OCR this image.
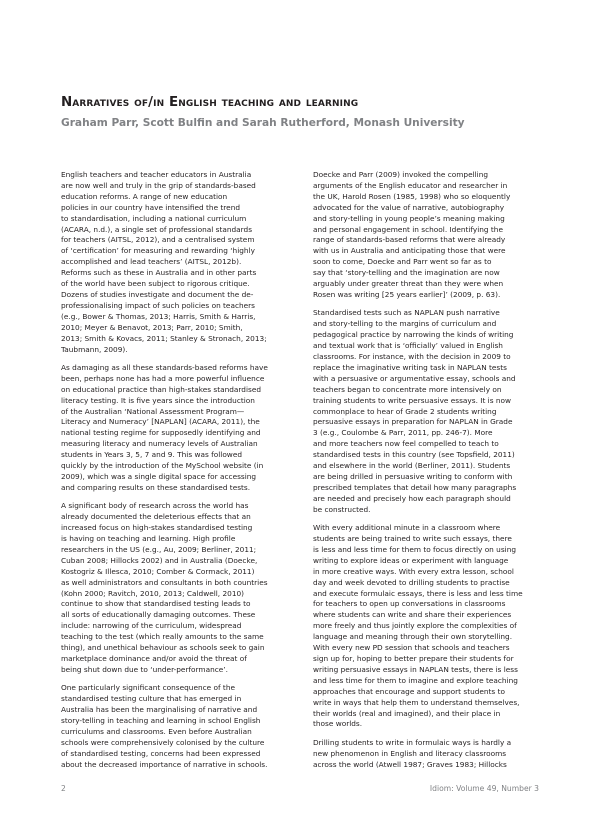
Narratives of/in English teaching and learning
Graham Parr, Scott Bulfin and Sarah Rutherford, Monash University

English teachers and teacher educators in Australia
are now well and truly in the grip of standards-based
education reforms. A range of new education
policies in our country have intensified the trend
to standardisation, including a national curriculum
(ACARA, n.d.), a single set of professional standards
for teachers (AITSL, 2012), and a centralised system
of ‘certification’ for measuring and rewarding ‘highly
accomplished and lead teachers’ (AITSL, 2012b).
Reforms such as these in Australia and in other parts
of the world have been subject to rigorous critique.
Dozens of studies investigate and document the de-
professionalising impact of such policies on teachers
(e.g., Bower & Thomas, 2013; Harris, Smith & Harris,
2010; Meyer & Benavot, 2013; Parr, 2010; Smith,
2013; Smith & Kovacs, 2011; Stanley & Stronach, 2013;
Taubmann, 2009).

As damaging as all these standards-based reforms have
been, perhaps none has had a more powerful influence
on educational practice than high-stakes standardised
literacy testing. It is five years since the introduction
of the Australian ‘National Assessment Program—
Literacy and Numeracy’ [NAPLAN] (ACARA, 2011), the
national testing regime for supposedly identifying and
measuring literacy and numeracy levels of Australian
students in Years 3, 5, 7 and 9. This was followed
quickly by the introduction of the MySchool website (in
2009), which was a single digital space for accessing
and comparing results on these standardised tests.

A significant body of research across the world has
already documented the deleterious effects that an
increased focus on high-stakes standardised testing
is having on teaching and learning. High profile
researchers in the US (e.g., Au, 2009; Berliner, 2011;
Cuban 2008; Hillocks 2002) and in Australia (Doecke,
Kostogriz & Illesca, 2010; Comber & Cormack, 2011)
as well administrators and consultants in both countries
(Kohn 2000; Ravitch, 2010, 2013; Caldwell, 2010)
continue to show that standardised testing leads to
all sorts of educationally damaging outcomes. These
include: narrowing of the curriculum, widespread
teaching to the test (which really amounts to the same
thing), and unethical behaviour as schools seek to gain
marketplace dominance and/or avoid the threat of
being shut down due to ‘under-performance’.

One particularly significant consequence of the
standardised testing culture that has emerged in
Australia has been the marginalising of narrative and
story-telling in teaching and learning in school English
curriculums and classrooms. Even before Australian
schools were comprehensively colonised by the culture
of standardised testing, concerns had been expressed
about the decreased importance of narrative in schools.

Doecke and Parr (2009) invoked the compelling
arguments of the English educator and researcher in
the UK, Harold Rosen (1985, 1998) who so eloquently
advocated for the value of narrative, autobiography
and story-telling in young people’s meaning making
and personal engagement in school. Identifying the
range of standards-based reforms that were already
with us in Australia and anticipating those that were
soon to come, Doecke and Parr went so far as to
say that ‘story-telling and the imagination are now
arguably under greater threat than they were when
Rosen was writing [25 years earlier]’ (2009, p. 63).

Standardised tests such as NAPLAN push narrative
and story-telling to the margins of curriculum and
pedagogical practice by narrowing the kinds of writing
and textual work that is ‘officially’ valued in English
classrooms. For instance, with the decision in 2009 to
replace the imaginative writing task in NAPLAN tests
with a persuasive or argumentative essay, schools and
teachers began to concentrate more intensively on
training students to write persuasive essays. It is now
commonplace to hear of Grade 2 students writing
persuasive essays in preparation for NAPLAN in Grade
3 (e.g., Coulombe & Parr, 2011, pp. 246-7). More
and more teachers now feel compelled to teach to
standardised tests in this country (see Topsfield, 2011)
and elsewhere in the world (Berliner, 2011). Students
are being drilled in persuasive writing to conform with
prescribed templates that detail how many paragraphs
are needed and precisely how each paragraph should
be constructed.

With every additional minute in a classroom where
students are being trained to write such essays, there
is less and less time for them to focus directly on using
writing to explore ideas or experiment with language
in more creative ways. With every extra lesson, school
day and week devoted to drilling students to practise
and execute formulaic essays, there is less and less time
for teachers to open up conversations in classrooms
where students can write and share their experiences
more freely and thus jointly explore the complexities of
language and meaning through their own storytelling.
With every new PD session that schools and teachers
sign up for, hoping to better prepare their students for
writing persuasive essays in NAPLAN tests, there is less
and less time for them to imagine and explore teaching
approaches that encourage and support students to
write in ways that help them to understand themselves,
their worlds (real and imagined), and their place in
those worlds.

Drilling students to write in formulaic ways is hardly a
new phenomenon in English and literacy classrooms
across the world (Atwell 1987; Graves 1983; Hillocks

2	Idiom: Volume 49, Number 3
